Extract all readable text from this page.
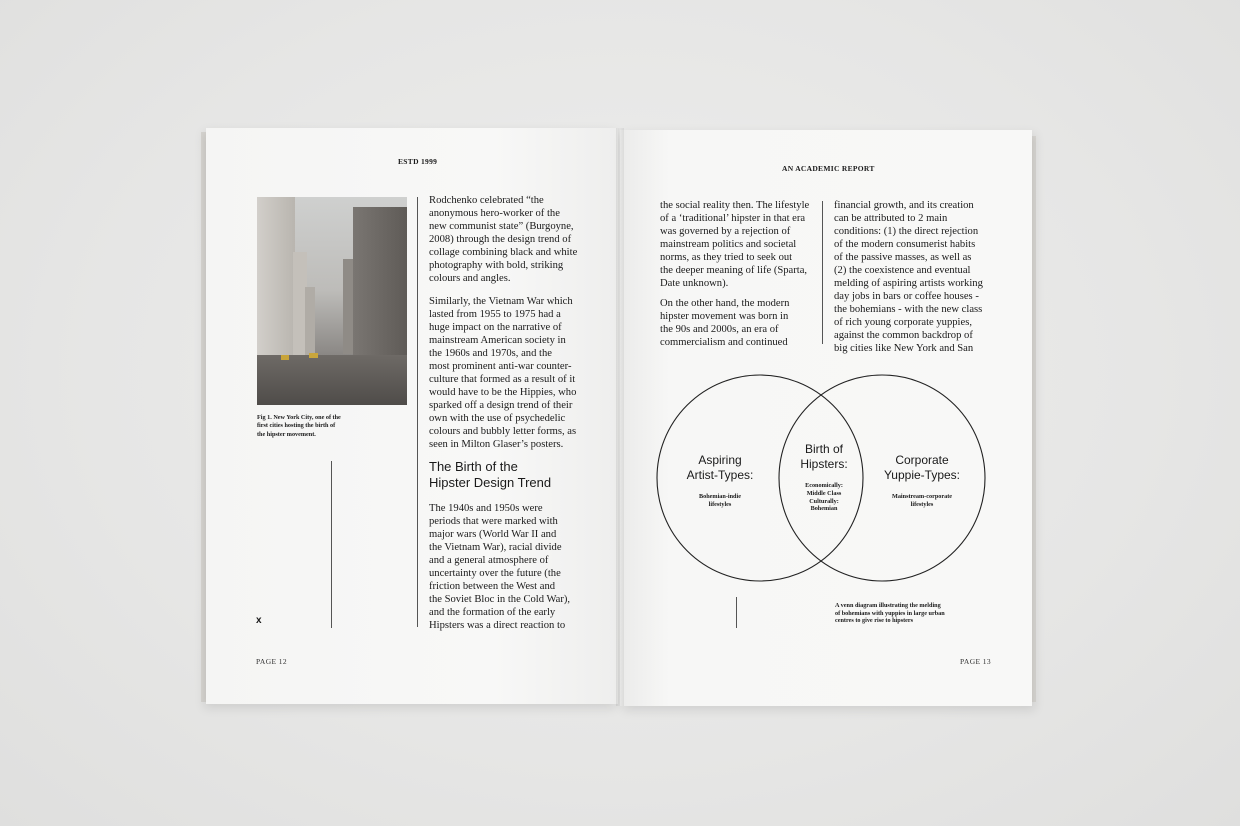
ESTD 1999
Fig 1. New York City, one of the
first cities hosting the birth of
the hipster movement.
x
Rodchenko celebrated “the
anonymous hero-worker of the
new communist state” (Burgoyne,
2008) through the design trend of
collage combining black and white
photography with bold, striking
colours and angles.
Similarly, the Vietnam War which
lasted from 1955 to 1975 had a
huge impact on the narrative of
mainstream American society in
the 1960s and 1970s, and the
most prominent anti-war counter-
culture that formed as a result of it
would have to be the Hippies, who
sparked off a design trend of their
own with the use of psychedelic
colours and bubbly letter forms, as
seen in Milton Glaser’s posters.
The Birth of the
Hipster Design Trend
The 1940s and 1950s were
periods that were marked with
major wars (World War II and
the Vietnam War), racial divide
and a general atmosphere of
uncertainty over the future (the
friction between the West and
the Soviet Bloc in the Cold War),
and the formation of the early
Hipsters was a direct reaction to
PAGE 12
AN ACADEMIC REPORT
the social reality then. The lifestyle
of a ‘traditional’ hipster in that era
was governed by a rejection of
mainstream politics and societal
norms, as they tried to seek out
the deeper meaning of life (Sparta,
Date unknown).
On the other hand, the modern
hipster movement was born in
the 90s and 2000s, an era of
commercialism and continued
financial growth, and its creation
can be attributed to 2 main
conditions: (1) the direct rejection
of the modern consumerist habits
of the passive masses, as well as
(2) the coexistence and eventual
melding of aspiring artists working
day jobs in bars or coffee houses -
the bohemians - with the new class
of rich young corporate yuppies,
against the common backdrop of
big cities like New York and San
Aspiring
Artist-Types:
Bohemian-indie
lifestyles
Birth of
Hipsters:
Economically:
Middle Class
Culturally:
Bohemian
Corporate
Yuppie-Types:
Mainstream-corporate
lifestyles
A venn diagram illustrating the melding
of bohemians with yuppies in large urban
centres to give rise to hipsters
PAGE 13
